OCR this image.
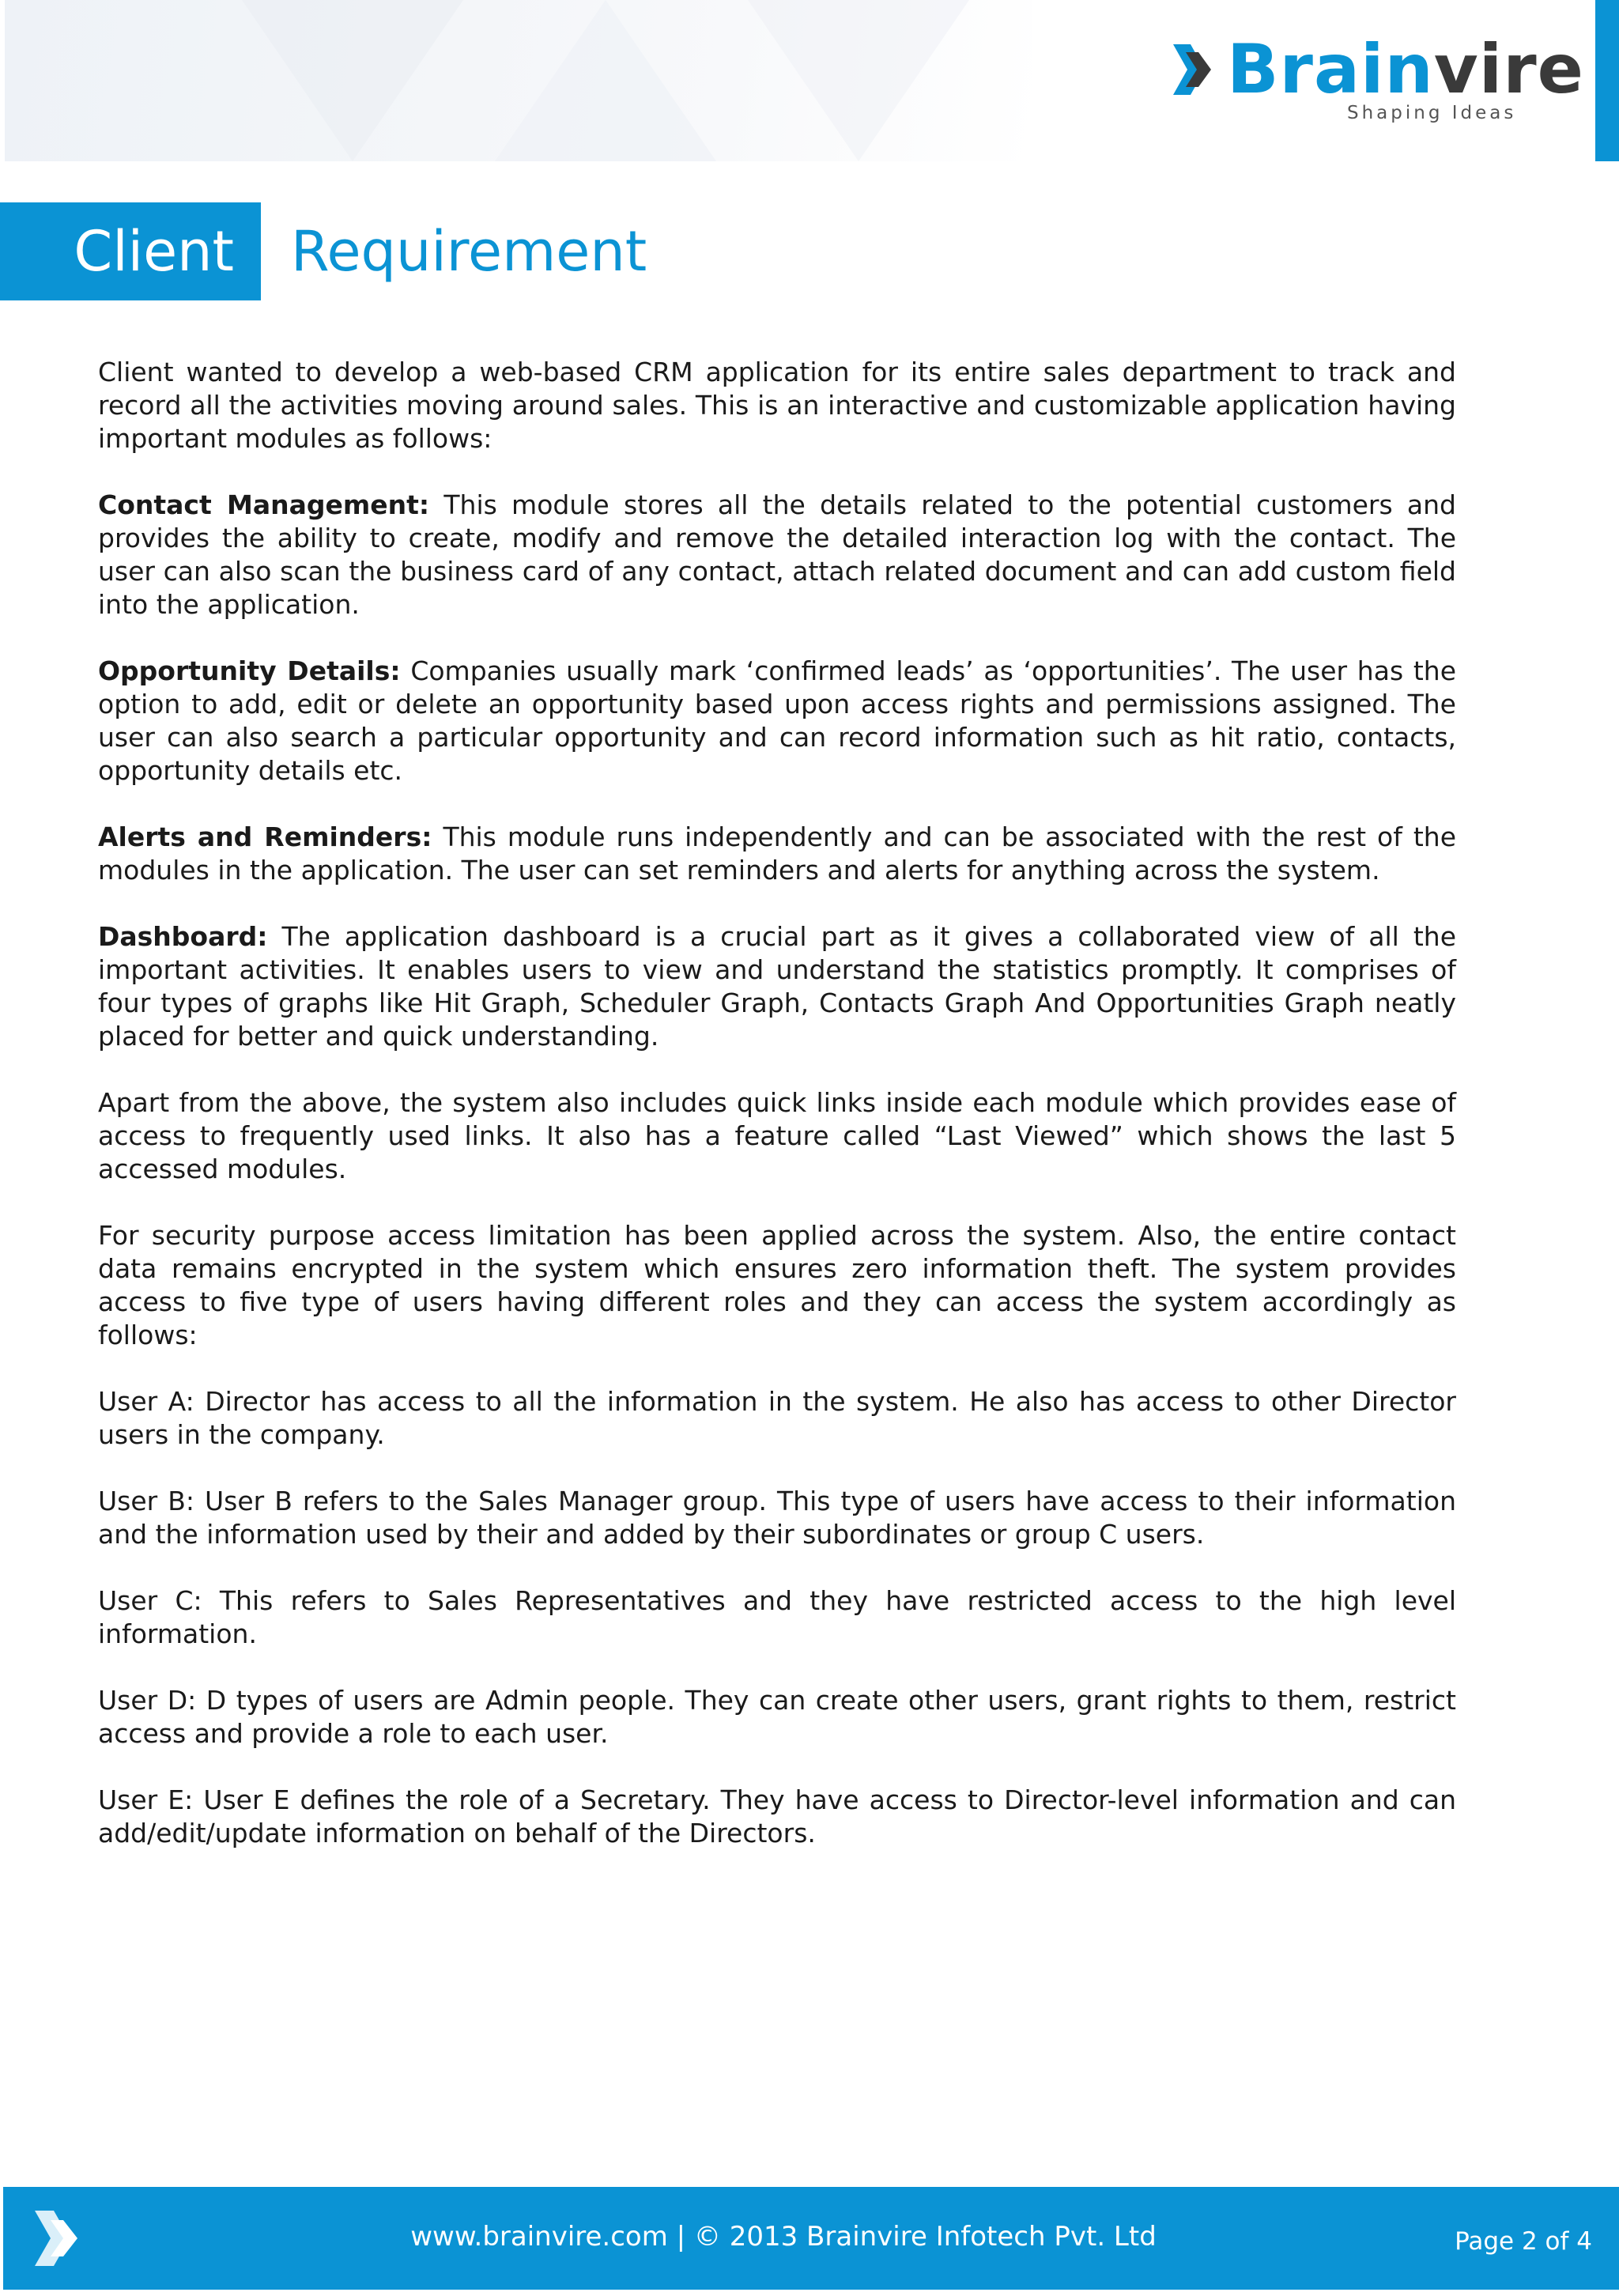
Brainvire
Shaping Ideas
Client Requirement

Client wanted to develop a web-based CRM application for its entire sales department to track and record all the activities moving around sales. This is an interactive and customizable application having important modules as follows:

Contact Management: This module stores all the details related to the potential customers and provides the ability to create, modify and remove the detailed interaction log with the contact. The user can also scan the business card of any contact, attach related document and can add custom field into the application.

Opportunity Details: Companies usually mark ‘confirmed leads’ as ‘opportunities’. The user has the option to add, edit or delete an opportunity based upon access rights and permissions assigned. The user can also search a particular opportunity and can record information such as hit ratio, contacts, opportunity details etc.

Alerts and Reminders: This module runs independently and can be associated with the rest of the modules in the application. The user can set reminders and alerts for anything across the system.

Dashboard: The application dashboard is a crucial part as it gives a collaborated view of all the important activities. It enables users to view and understand the statistics promptly. It comprises of four types of graphs like Hit Graph, Scheduler Graph, Contacts Graph And Opportunities Graph neatly placed for better and quick understanding.

Apart from the above, the system also includes quick links inside each module which provides ease of access to frequently used links. It also has a feature called “Last Viewed” which shows the last 5 accessed modules.

For security purpose access limitation has been applied across the system. Also, the entire contact data remains encrypted in the system which ensures zero information theft. The system provides access to five type of users having different roles and they can access the system accordingly as follows:

User A: Director has access to all the information in the system. He also has access to other Director users in the company.

User B: User B refers to the Sales Manager group. This type of users have access to their information and the information used by their and added by their subordinates or group C users.

User C: This refers to Sales Representatives and they have restricted access to the high level information.

User D: D types of users are Admin people. They can create other users, grant rights to them, restrict access and provide a role to each user.

User E: User E defines the role of a Secretary. They have access to Director-level information and can add/edit/update information on behalf of the Directors.

www.brainvire.com | © 2013 Brainvire Infotech Pvt. Ltd	Page 2 of 4
